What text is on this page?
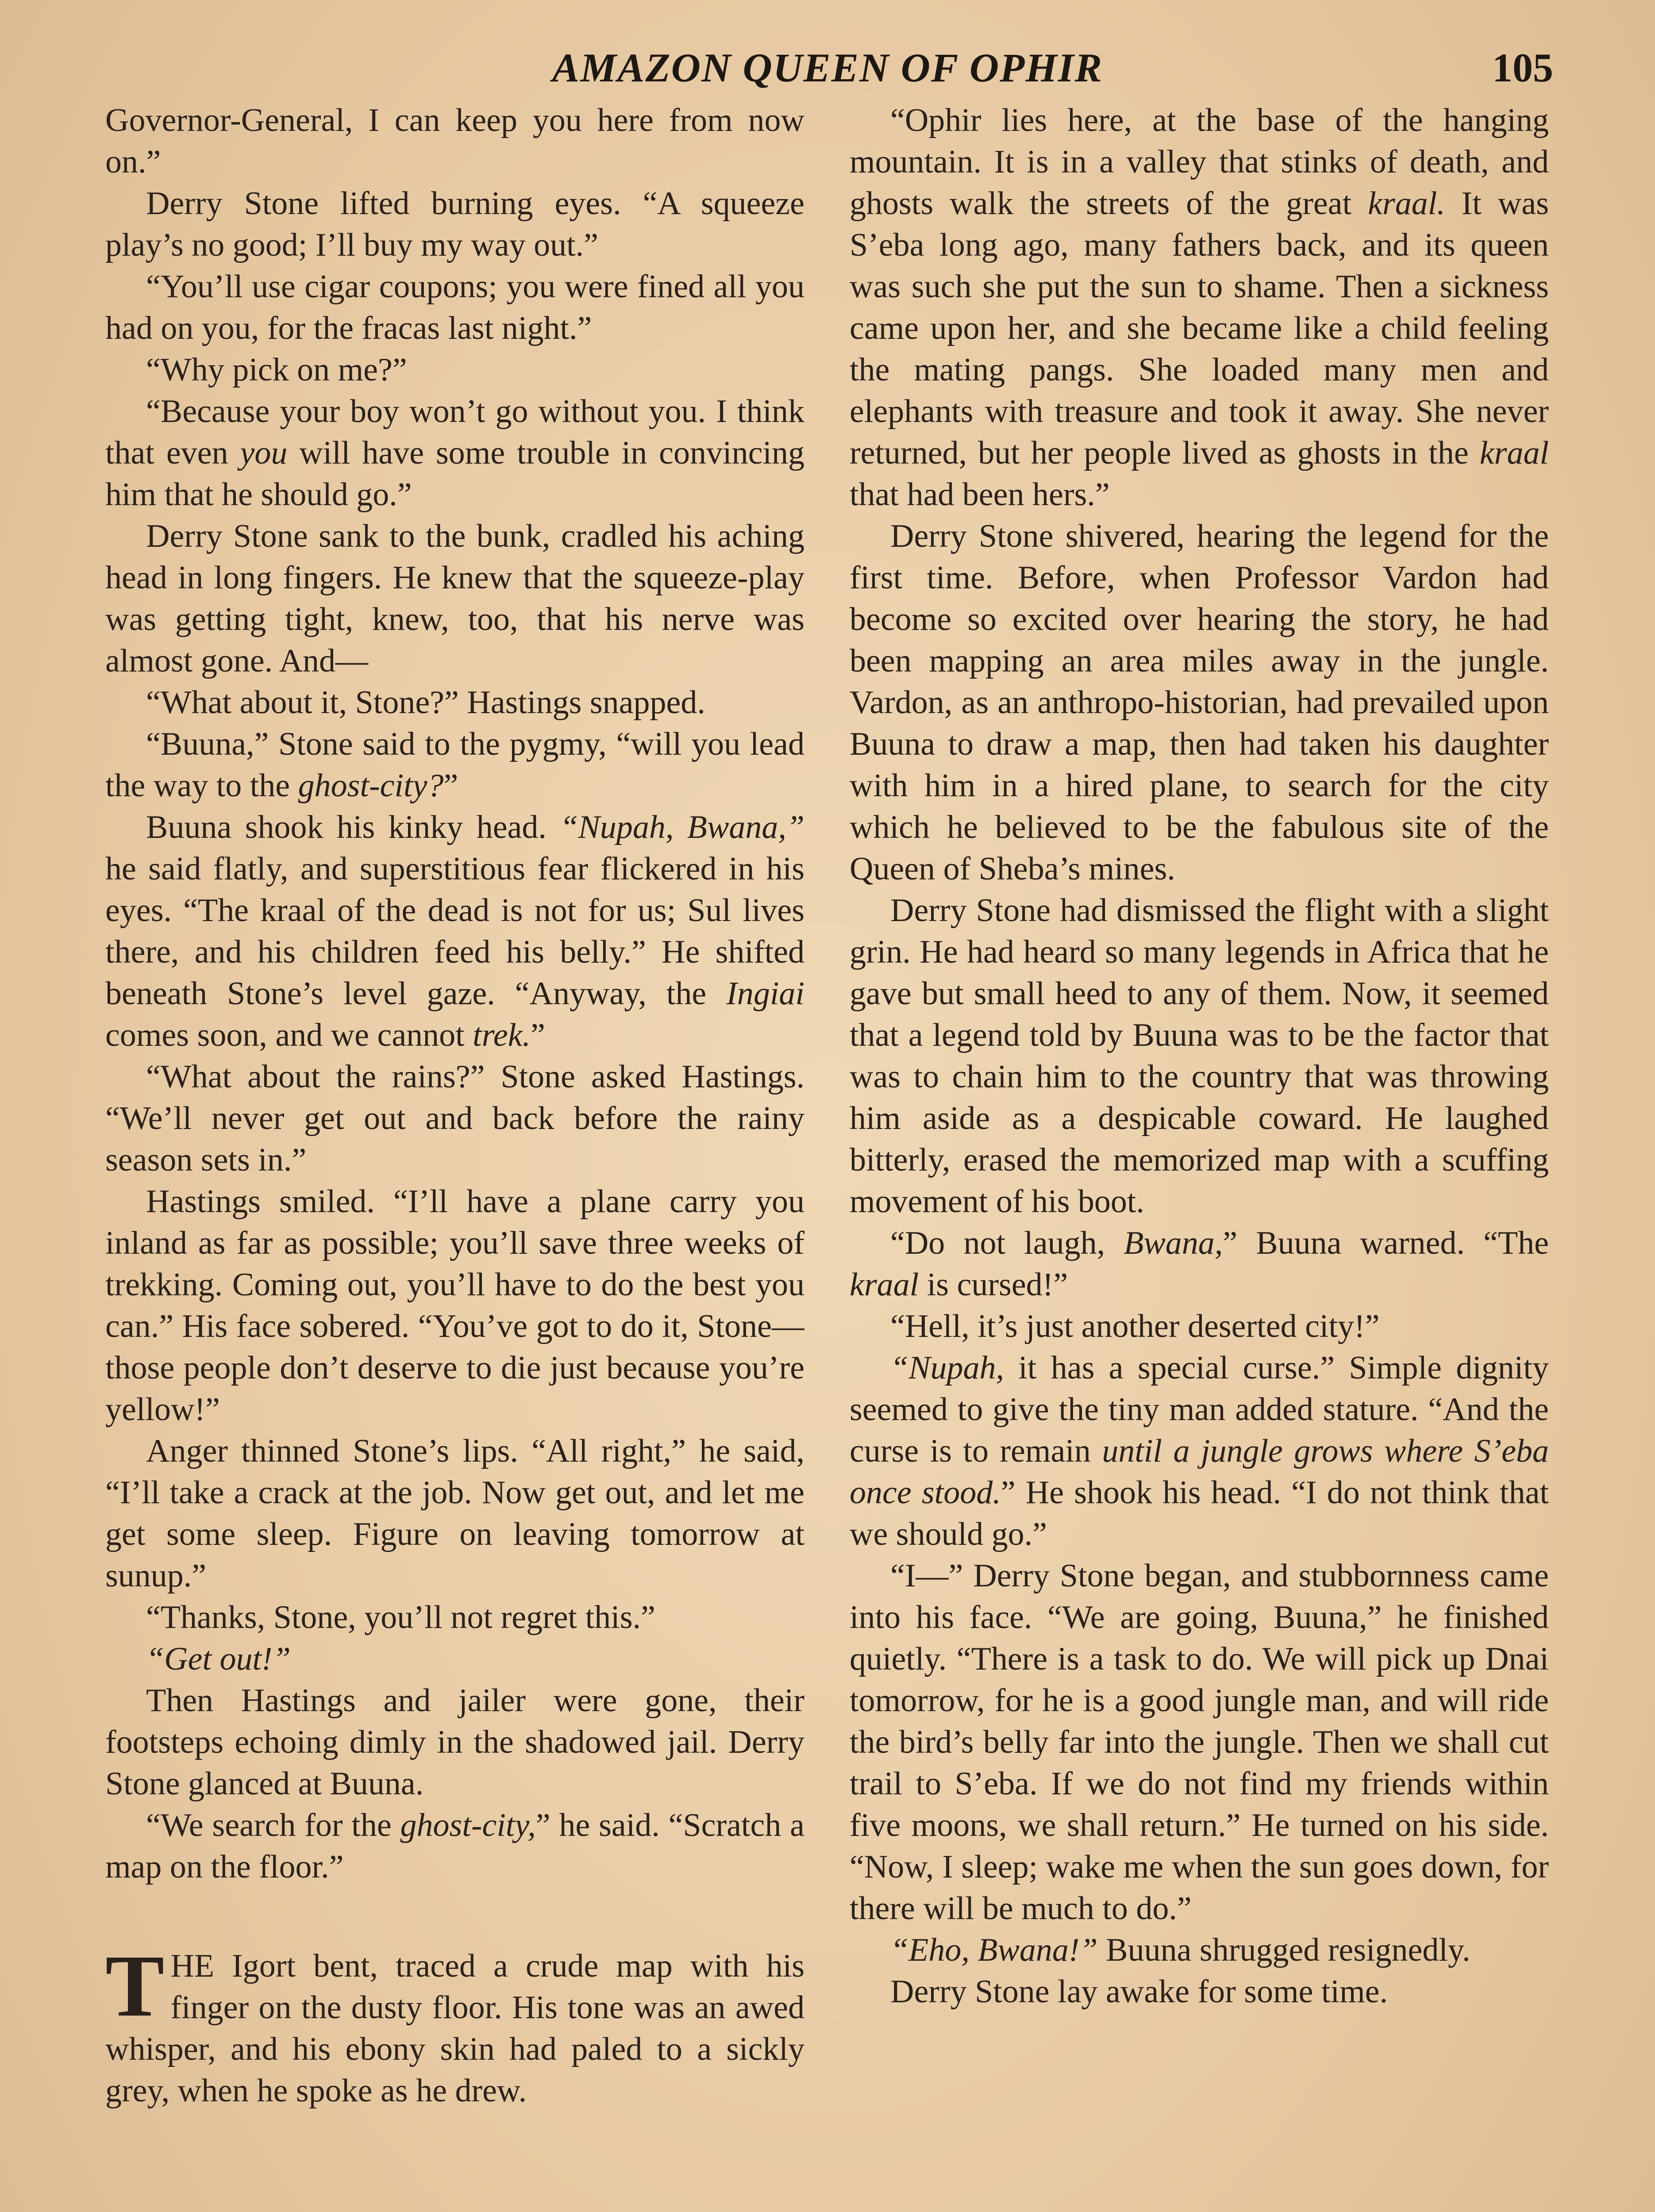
AMAZON QUEEN OF OPHIR	105

Governor-General, I can keep you here from now on.”

Derry Stone lifted burning eyes. “A squeeze play’s no good; I’ll buy my way out.”

“You’ll use cigar coupons; you were fined all you had on you, for the fracas last night.”

“Why pick on me?”

“Because your boy won’t go without you. I think that even you will have some trouble in convincing him that he should go.”

Derry Stone sank to the bunk, cradled his aching head in long fingers. He knew that the squeeze-play was getting tight, knew, too, that his nerve was almost gone. And—

“What about it, Stone?” Hastings snapped.

“Buuna,” Stone said to the pygmy, “will you lead the way to the ghost-city?”

Buuna shook his kinky head. “Nupah, Bwana,” he said flatly, and superstitious fear flickered in his eyes. “The kraal of the dead is not for us; Sul lives there, and his children feed his belly.” He shifted beneath Stone’s level gaze. “Anyway, the Ingiai comes soon, and we cannot trek.”

“What about the rains?” Stone asked Hastings. “We’ll never get out and back before the rainy season sets in.”

Hastings smiled. “I’ll have a plane carry you inland as far as possible; you’ll save three weeks of trekking. Coming out, you’ll have to do the best you can.” His face sobered. “You’ve got to do it, Stone—those people don’t deserve to die just because you’re yellow!”

Anger thinned Stone’s lips. “All right,” he said, “I’ll take a crack at the job. Now get out, and let me get some sleep. Figure on leaving tomorrow at sunup.”

“Thanks, Stone, you’ll not regret this.”

“Get out!”

Then Hastings and jailer were gone, their footsteps echoing dimly in the shadowed jail. Derry Stone glanced at Buuna.

“We search for the ghost-city,” he said. “Scratch a map on the floor.”

THE Igort bent, traced a crude map with his finger on the dusty floor. His tone was an awed whisper, and his ebony skin had paled to a sickly grey, when he spoke as he drew.

“Ophir lies here, at the base of the hanging mountain. It is in a valley that stinks of death, and ghosts walk the streets of the great kraal. It was S’eba long ago, many fathers back, and its queen was such she put the sun to shame. Then a sickness came upon her, and she became like a child feeling the mating pangs. She loaded many men and elephants with treasure and took it away. She never returned, but her people lived as ghosts in the kraal that had been hers.”

Derry Stone shivered, hearing the legend for the first time. Before, when Professor Vardon had become so excited over hearing the story, he had been mapping an area miles away in the jungle. Vardon, as an anthropo-historian, had prevailed upon Buuna to draw a map, then had taken his daughter with him in a hired plane, to search for the city which he believed to be the fabulous site of the Queen of Sheba’s mines.

Derry Stone had dismissed the flight with a slight grin. He had heard so many legends in Africa that he gave but small heed to any of them. Now, it seemed that a legend told by Buuna was to be the factor that was to chain him to the country that was throwing him aside as a despicable coward. He laughed bitterly, erased the memorized map with a scuffing movement of his boot.

“Do not laugh, Bwana,” Buuna warned. “The kraal is cursed!”

“Hell, it’s just another deserted city!”

“Nupah, it has a special curse.” Simple dignity seemed to give the tiny man added stature. “And the curse is to remain until a jungle grows where S’eba once stood.” He shook his head. “I do not think that we should go.”

“I—” Derry Stone began, and stubbornness came into his face. “We are going, Buuna,” he finished quietly. “There is a task to do. We will pick up Dnai tomorrow, for he is a good jungle man, and will ride the bird’s belly far into the jungle. Then we shall cut trail to S’eba. If we do not find my friends within five moons, we shall return.” He turned on his side. “Now, I sleep; wake me when the sun goes down, for there will be much to do.”

“Eho, Bwana!” Buuna shrugged resignedly.

Derry Stone lay awake for some time.
